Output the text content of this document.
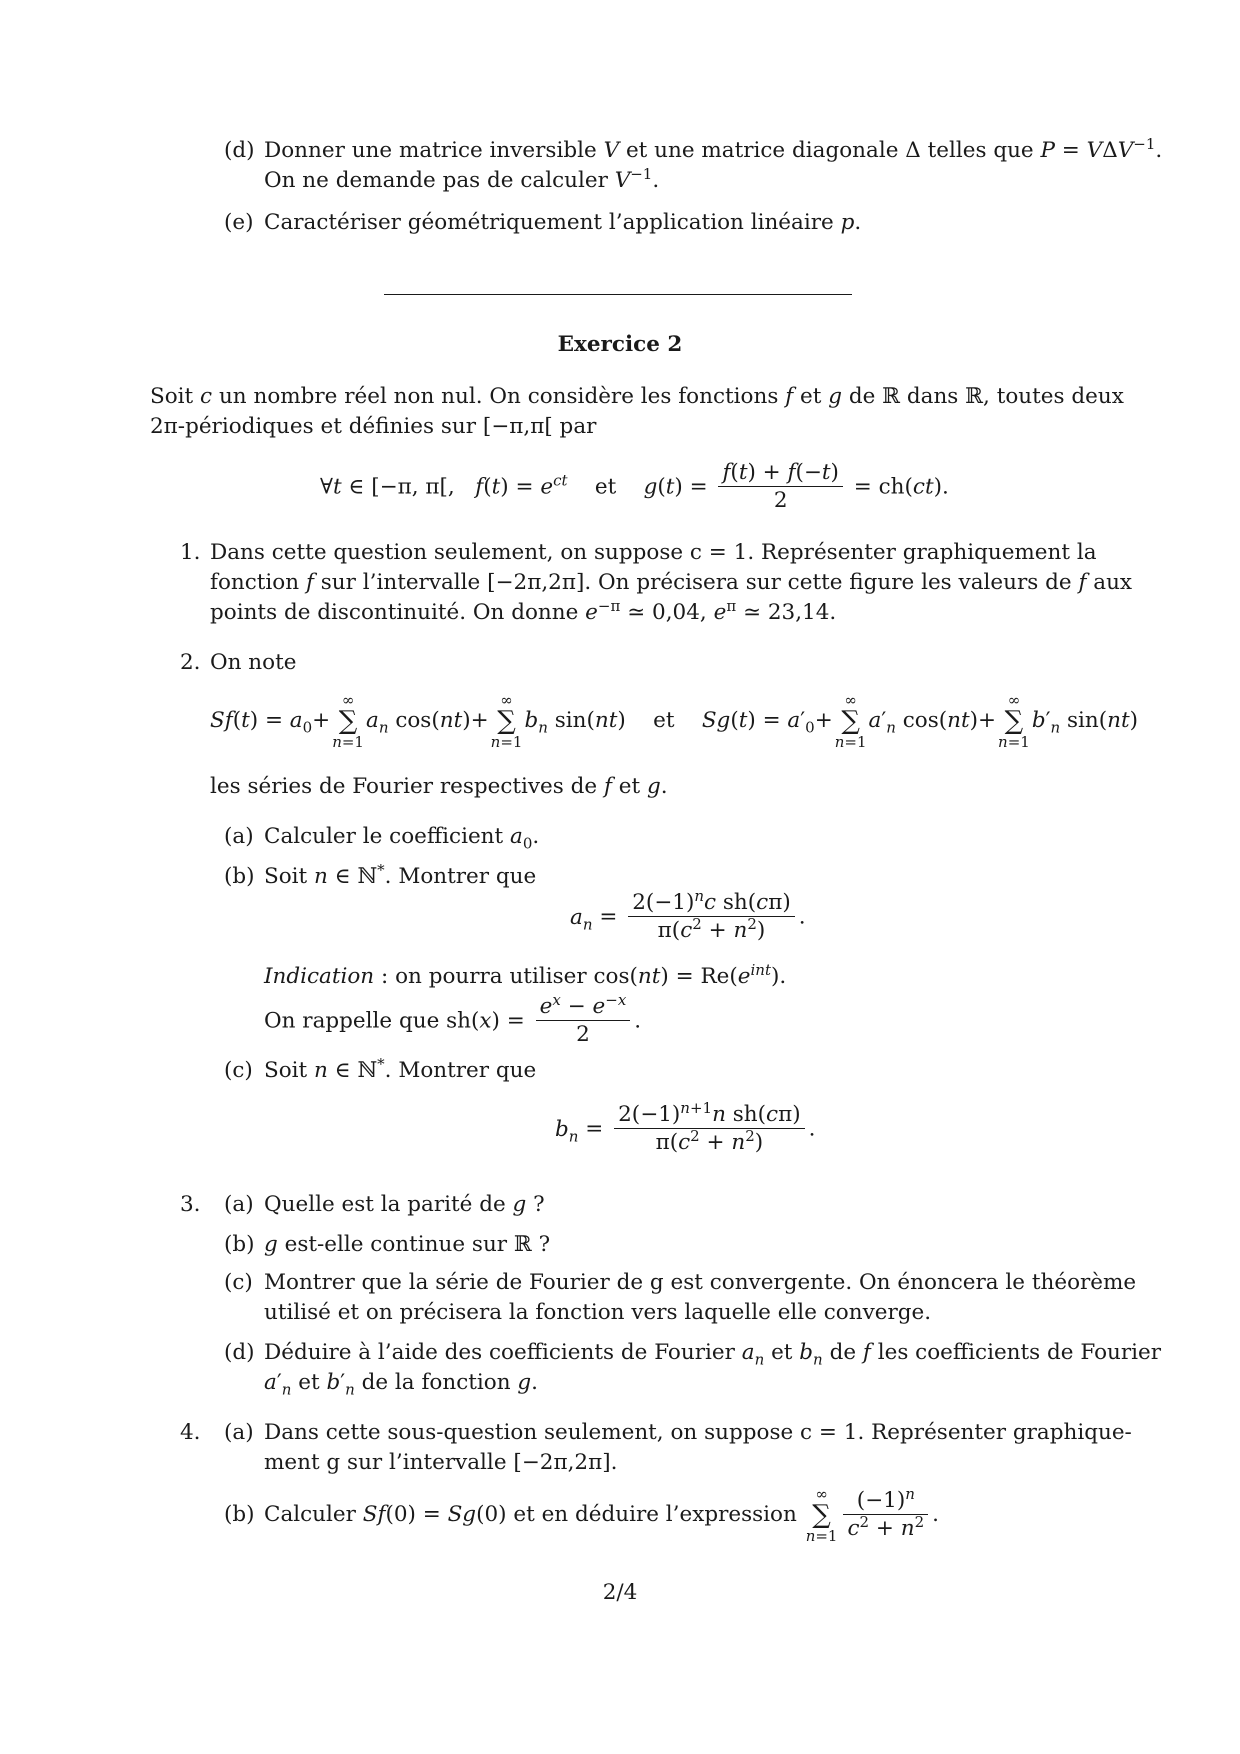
(d) Donner une matrice inversible V et une matrice diagonale Δ telles que $P = V\Delta V^{-1}$.
On ne demande pas de calculer $V^{-1}$.
(e) Caractériser géométriquement l’application linéaire p.
Exercice 2
Soit c un nombre réel non nul. On considère les fonctions f et g de ℝ dans ℝ, toutes deux
2π-périodiques et définies sur [−π,π[ par
∀t ∈ [−π, π[,   $f(t) = e^{ct}$ et $g(t) = \frac{f(t) + f(-t)}{2} = ch(ct)$.
1. Dans cette question seulement, on suppose c = 1. Représenter graphiquement la
fonction f sur l’intervalle [−2π,2π]. On précisera sur cette figure les valeurs de f aux
points de discontinuité. On donne $e^{-\pi}$ ≃ 0,04, $e^\pi$ ≃ 23,14.
2. On note
$Sf(t) = a_0+$
∞
∑
n=1
$a_n$ cos(nt)+
∞
∑
n=1
$b_n$ sin(nt)    et $Sg(t) = a'_0+$
∞
∑
n=1
$a'_n$ cos(nt)+
∞
∑
n=1
$b'_n$ sin(nt)
les séries de Fourier respectives de f et g.
(a) Calculer le coefficient $a_0$.
(b) Soit n ∈ ℕ*. Montrer que
$a_n = \frac{2(-1)^nc sh(c\pi)}{\pi(c^2 + n^2)}$ .
Indication : on pourra utiliser $\cos(nt) = Re(e^{int})$.
On rappelle que $sh(x) = \frac{e^x - e^{-x}}{2}$ .
(c) Soit n ∈ ℕ*. Montrer que
$b_n = \frac{2(-1)^{n+1}n sh(c\pi)}{\pi(c^2 + n^2)}$ .
3. (a) Quelle est la parité de g ?
(b) g est-elle continue sur ℝ ?
(c) Montrer que la série de Fourier de g est convergente. On énoncera le théorème
utilisé et on précisera la fonction vers laquelle elle converge.
(d) Déduire à l’aide des coefficients de Fourier $a_n$ et $b_n$ de f les coefficients de Fourier
$a'_n$ et $b'_n$ de la fonction g.
4. (a) Dans cette sous-question seulement, on suppose c = 1. Représenter graphique-
ment g sur l’intervalle [−2π,2π].
(b) Calculer Sf(0) = Sg(0) et en déduire l’expression
∞
∑
$n=1 \frac{(-1)^n}{c^2 + n^2}$ .
2/4
